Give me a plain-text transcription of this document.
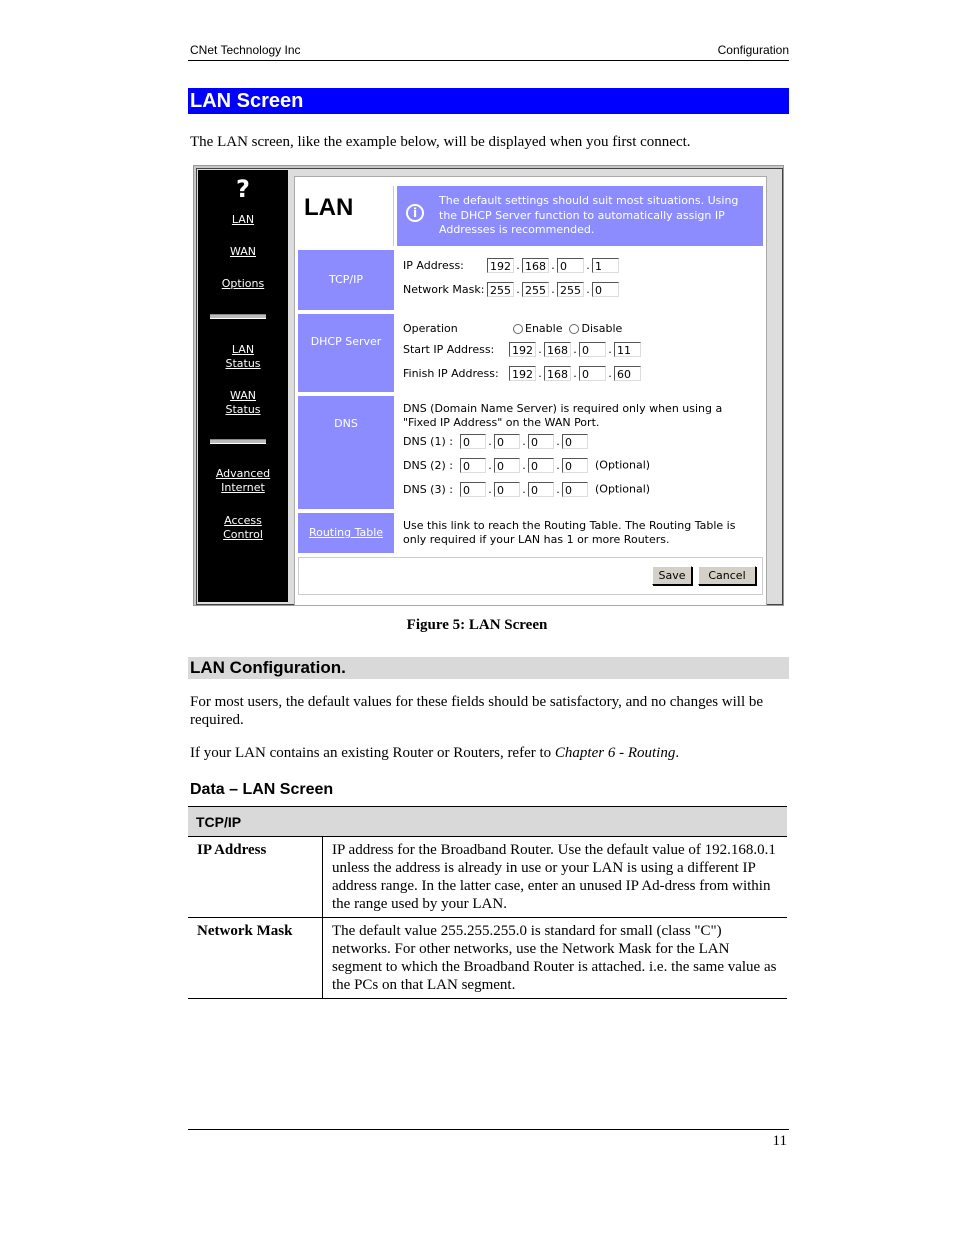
CNet Technology Inc	Configuration
LAN Screen
The LAN screen, like the example below, will be displayed when you first connect.
?
LAN
WAN
Options
LAN
Status
WAN
Status
Advanced
Internet
Access
Control
LAN	i
The default settings should suit most situations. Using the DHCP Server function to automatically assign IP Addresses is recommended.
TCP/IP
IP Address: 192 . 168 . 0 . 1
Network Mask: 255 . 255 . 255 . 0
DHCP Server
Operation	Enable Disable
Start IP Address: 192 . 168 . 0 . 11
Finish IP Address: 192 . 168 . 0 . 60
DNS
DNS (Domain Name Server) is required only when using a "Fixed IP Address" on the WAN Port.
DNS (1) : 0 . 0 . 0 . 0
DNS (2) : 0 . 0 . 0 . 0 (Optional)
DNS (3) : 0 . 0 . 0 . 0 (Optional)
Routing Table
Use this link to reach the Routing Table. The Routing Table is only required if your LAN has 1 or more Routers.
Save	Cancel
Figure 5: LAN Screen
LAN Configuration.
For most users, the default values for these fields should be satisfactory, and no changes will be required.
If your LAN contains an existing Router or Routers, refer to Chapter 6 - Routing.
Data – LAN Screen
TCP/IP	
IP Address	IP address for the Broadband Router. Use the default value of 192.168.0.1 unless the address is already in use or your LAN is using a different IP address range. In the latter case, enter an unused IP Ad-dress from within the range used by your LAN.
Network Mask	The default value 255.255.255.0 is standard for small (class "C") networks. For other networks, use the Network Mask for the LAN segment to which the Broadband Router is attached. i.e. the same value as the PCs on that LAN segment.
11
